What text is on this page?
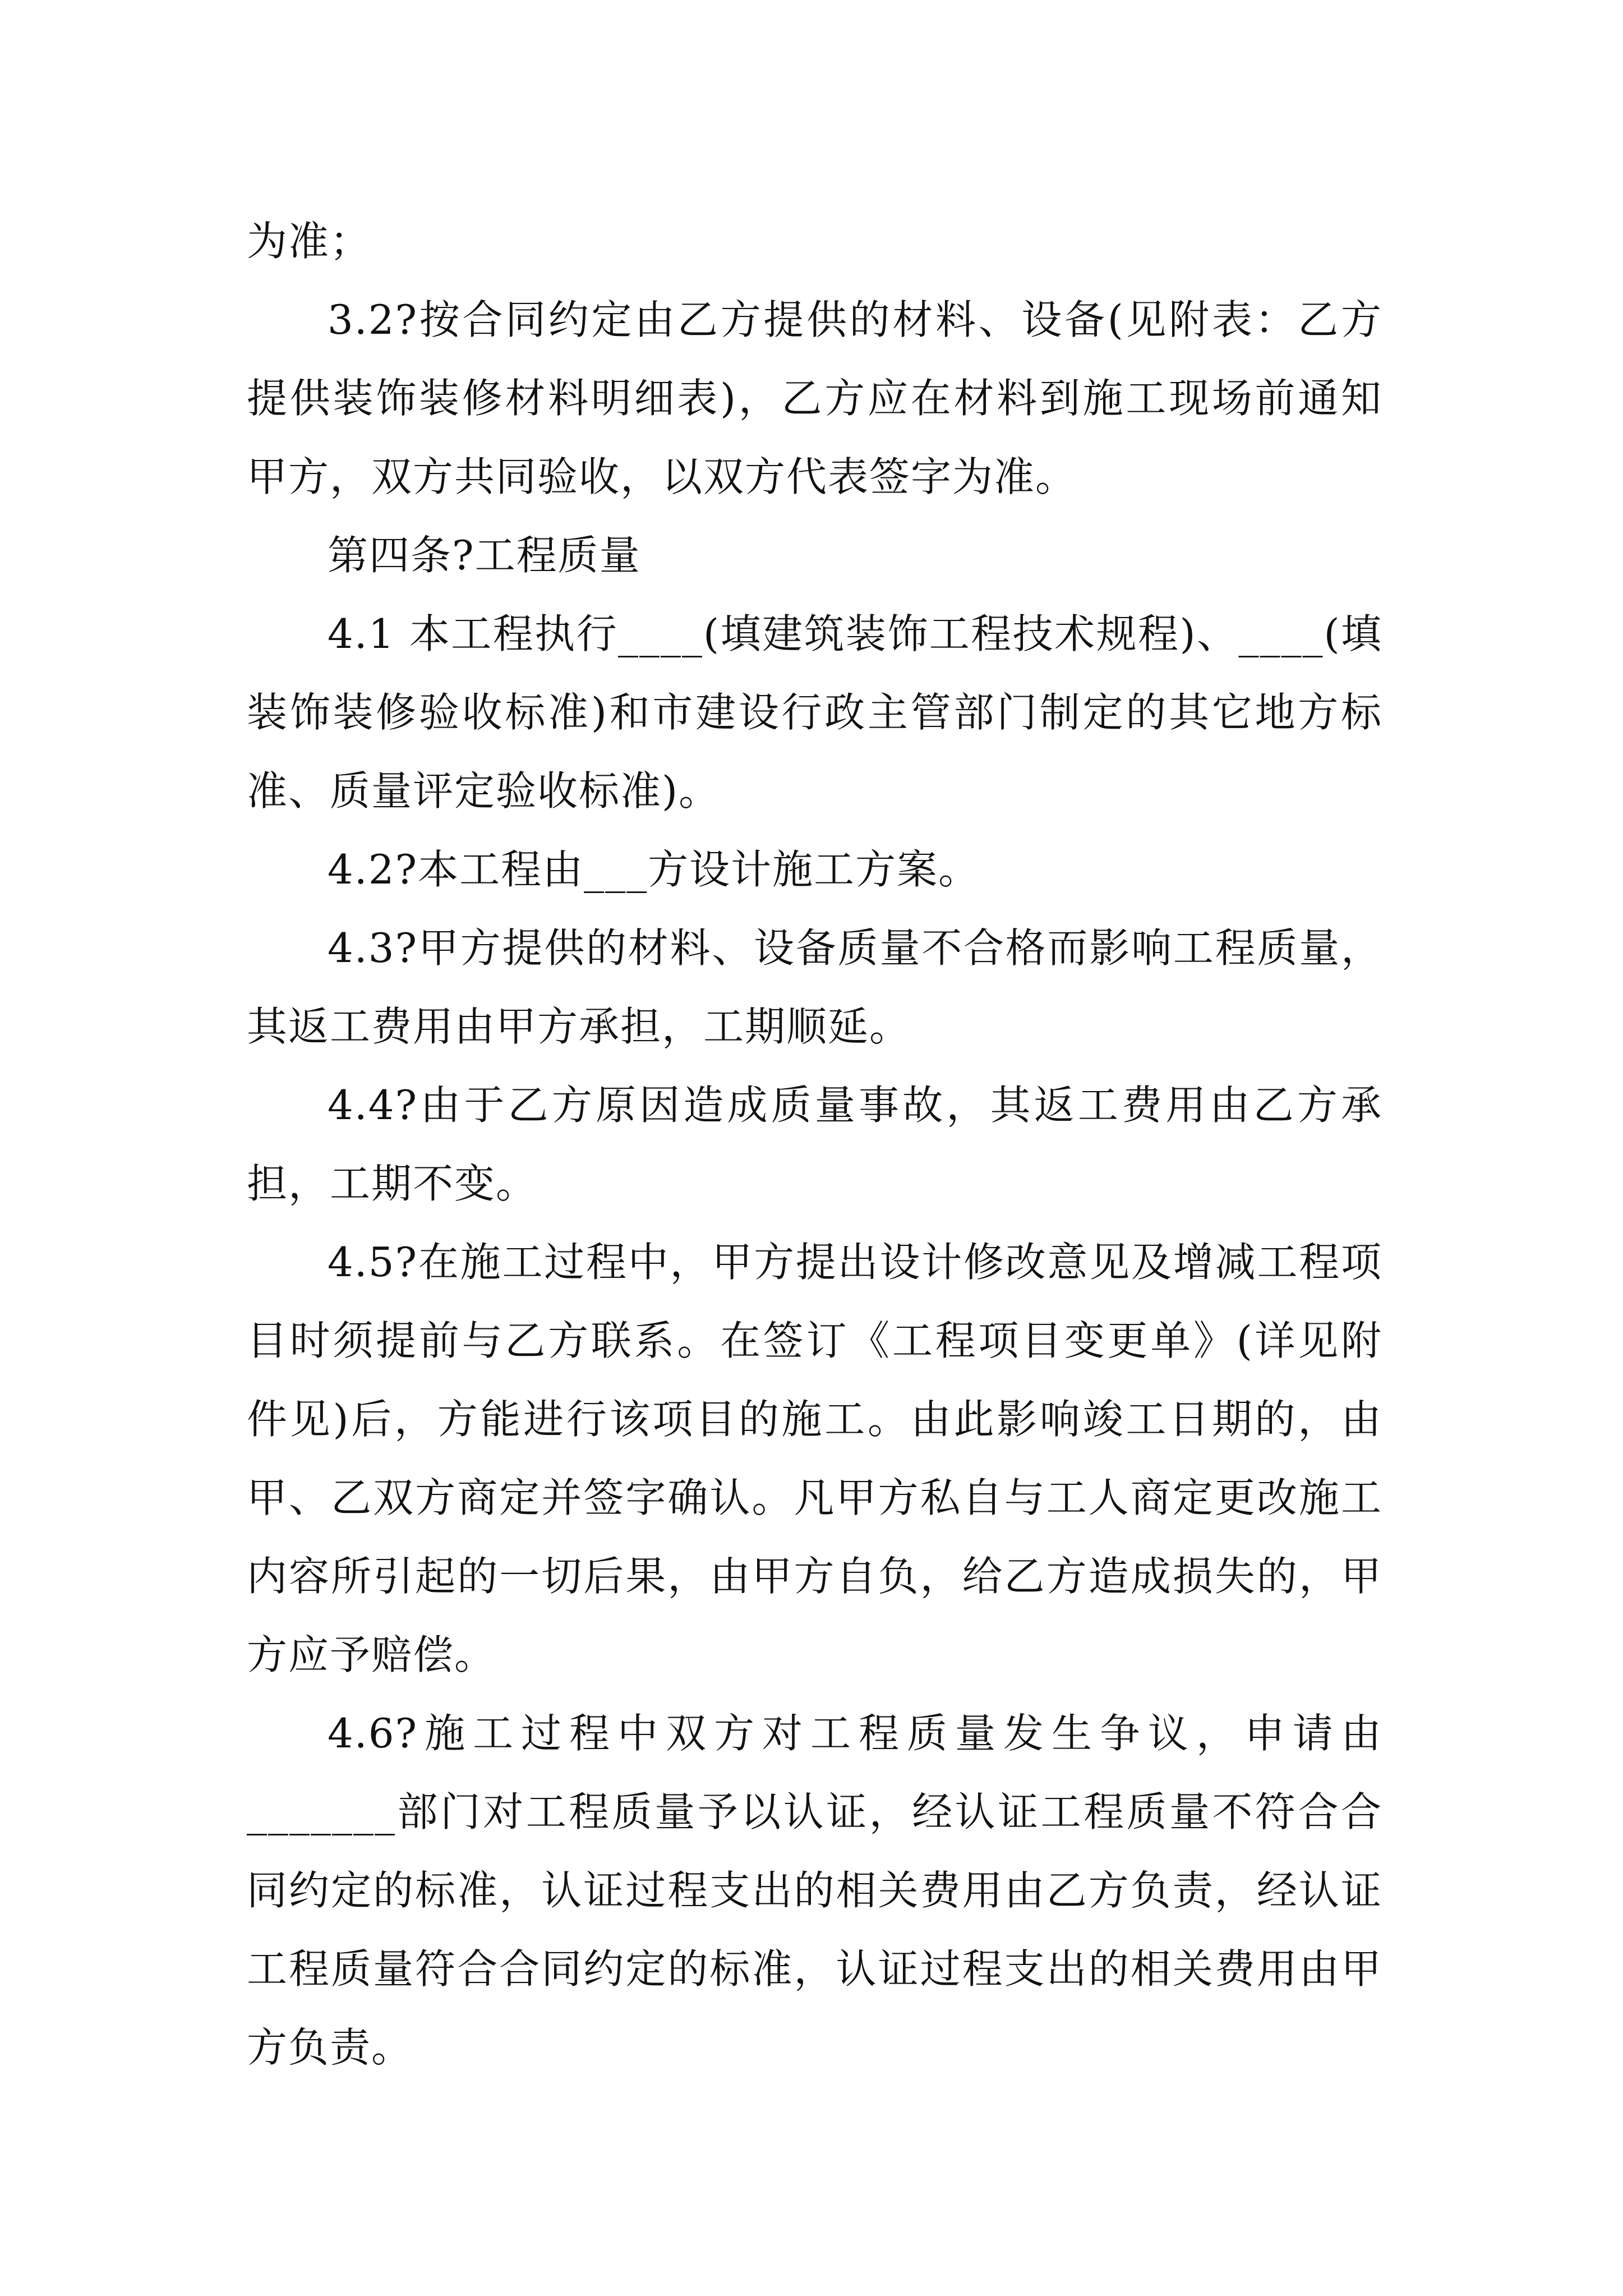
为准；

3.2?按合同约定由乙方提供的材料、设备(见附表：乙方提供装饰装修材料明细表)，乙方应在材料到施工现场前通知甲方，双方共同验收，以双方代表签字为准。

第四条?工程质量

4.1 本工程执行____(填建筑装饰工程技术规程)、____(填装饰装修验收标准)和市建设行政主管部门制定的其它地方标准、质量评定验收标准)。

4.2?本工程由___方设计施工方案。

4.3?甲方提供的材料、设备质量不合格而影响工程质量，其返工费用由甲方承担，工期顺延。

4.4?由于乙方原因造成质量事故，其返工费用由乙方承担，工期不变。

4.5?在施工过程中，甲方提出设计修改意见及增减工程项目时须提前与乙方联系。在签订《工程项目变更单》(详见附件见)后，方能进行该项目的施工。由此影响竣工日期的，由甲、乙双方商定并签字确认。凡甲方私自与工人商定更改施工内容所引起的一切后果，由甲方自负，给乙方造成损失的，甲方应予赔偿。

4.6?施工过程中双方对工程质量发生争议，申请由_______部门对工程质量予以认证，经认证工程质量不符合合同约定的标准，认证过程支出的相关费用由乙方负责，经认证工程质量符合合同约定的标准，认证过程支出的相关费用由甲方负责。
